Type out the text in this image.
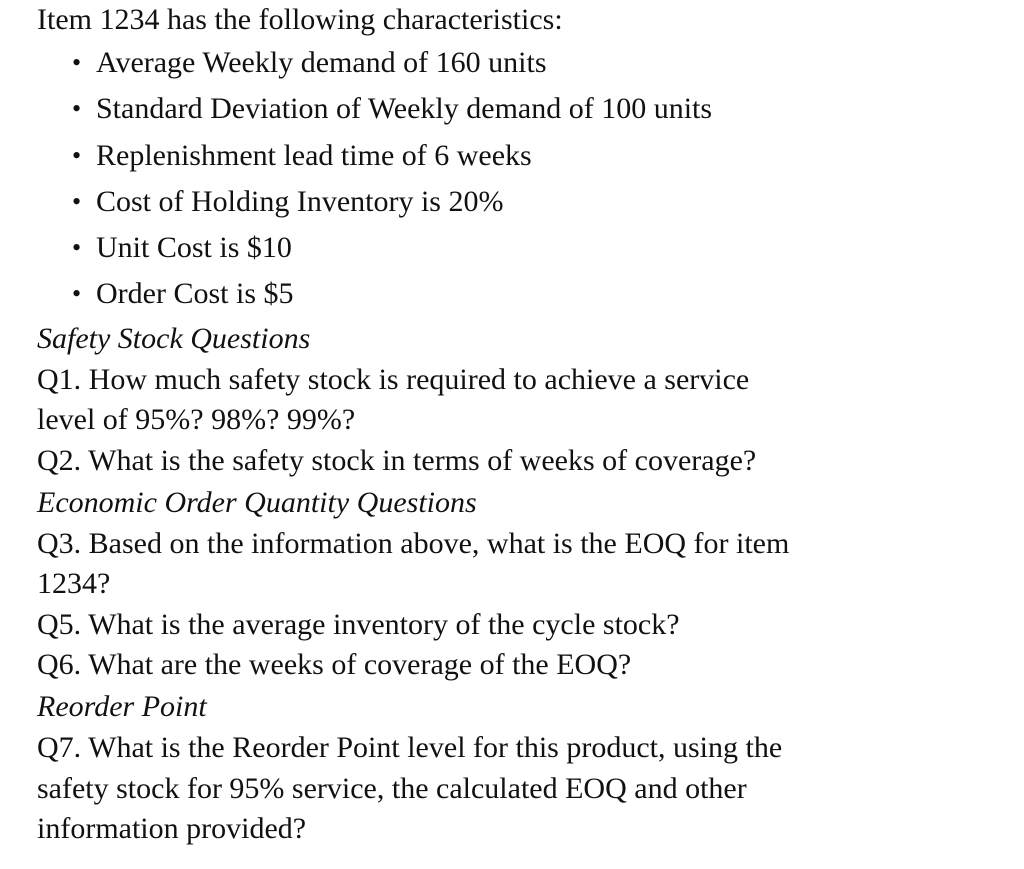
Item 1234 has the following characteristics:

• Average Weekly demand of 160 units
• Standard Deviation of Weekly demand of 100 units
• Replenishment lead time of 6 weeks
• Cost of Holding Inventory is 20%
• Unit Cost is $10
• Order Cost is $5

Safety Stock Questions

Q1. How much safety stock is required to achieve a service
level of 95%? 98%? 99%?

Q2. What is the safety stock in terms of weeks of coverage?

Economic Order Quantity Questions

Q3. Based on the information above, what is the EOQ for item
1234?

Q5. What is the average inventory of the cycle stock?

Q6. What are the weeks of coverage of the EOQ?

Reorder Point

Q7. What is the Reorder Point level for this product, using the
safety stock for 95% service, the calculated EOQ and other
information provided?
